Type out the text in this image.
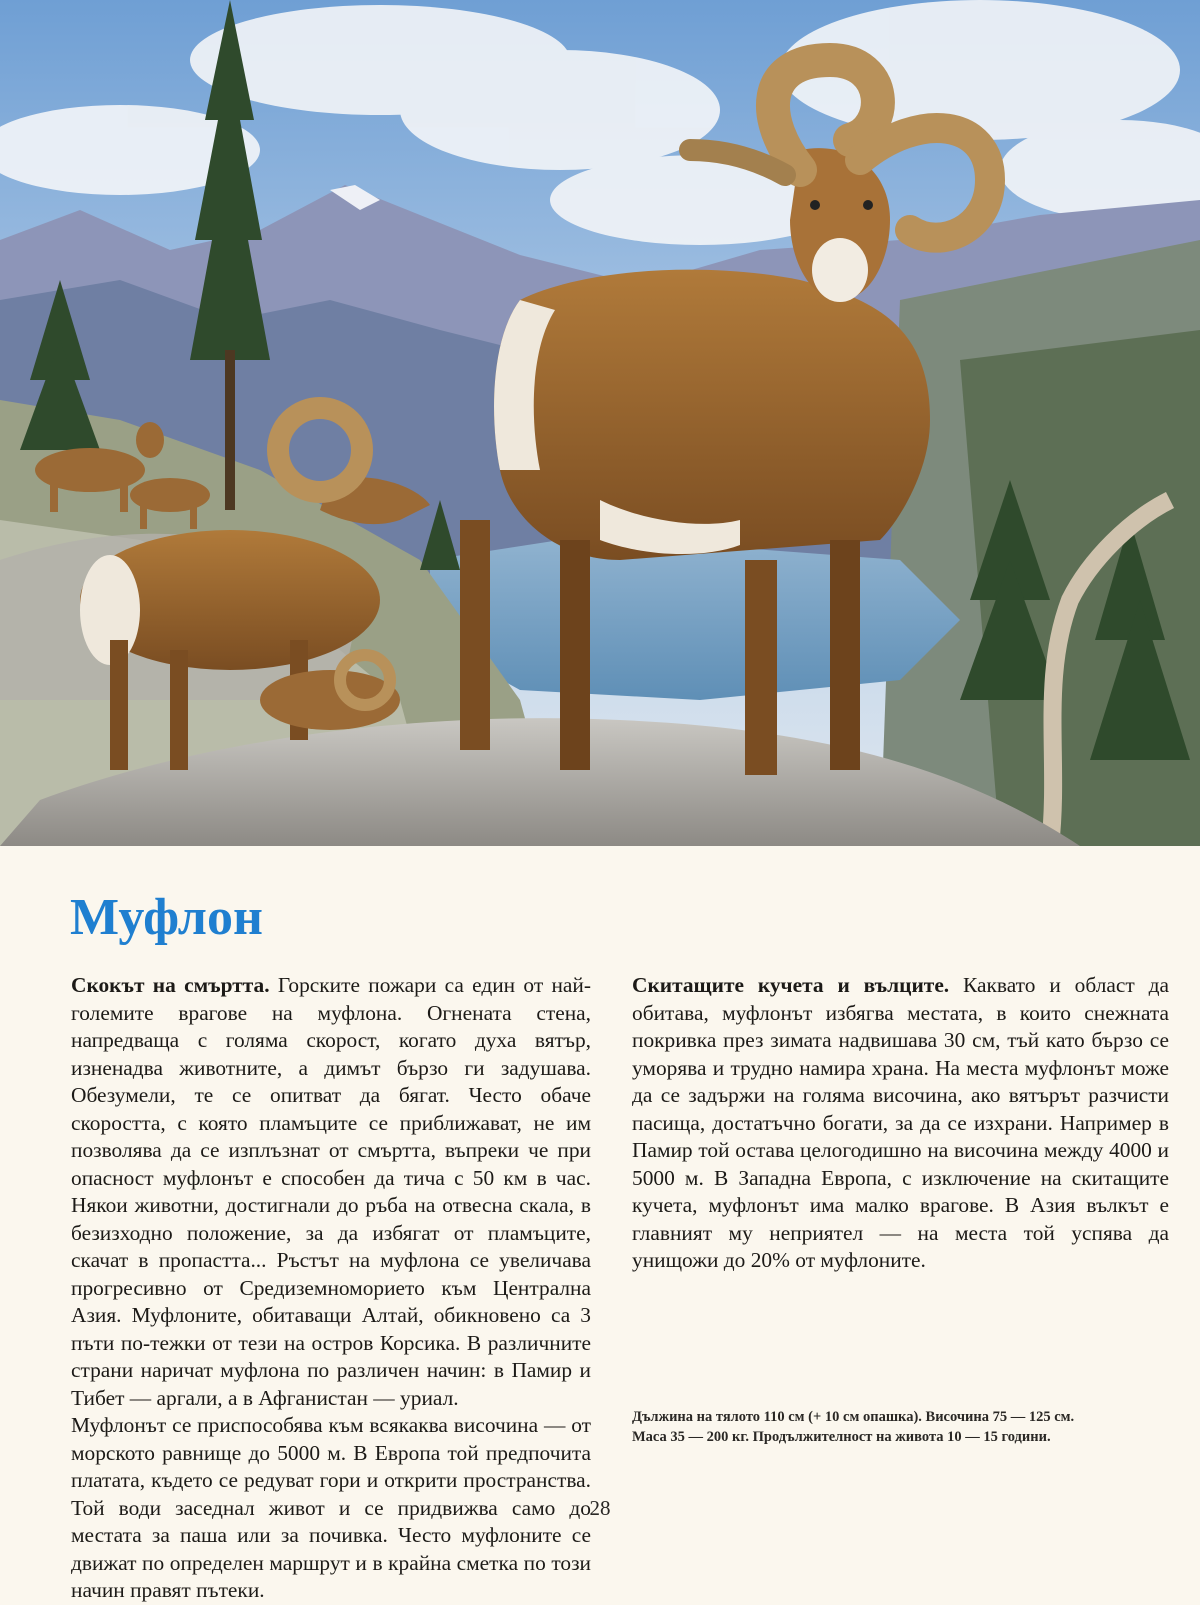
Муфлон

Скокът на смъртта. Горските пожари са един от най-големите врагове на муфлона. Огнената стена, напредваща с голяма скорост, когато духа вятър, изненадва животните, а димът бързо ги задушава. Обезумели, те се опитват да бягат. Често обаче скоростта, с която пламъците се приближават, не им позволява да се изплъзнат от смъртта, въпреки че при опасност муфлонът е способен да тича с 50 км в час. Някои животни, достигнали до ръба на отвесна скала, в безизходно положение, за да избягат от пламъците, скачат в пропастта... Ръстът на муфлона се увеличава прогресивно от Средиземноморието към Централна Азия. Муфлоните, обитаващи Алтай, обикновено са 3 пъти по-тежки от тези на остров Корсика. В различните страни наричат муфлона по различен начин: в Памир и Тибет — аргали, а в Афганистан — уриал.

Муфлонът се приспособява към всякаква височина — от морското равнище до 5000 м. В Европа той предпочита платата, където се редуват гори и открити пространства. Той води заседнал живот и се придвижва само до местата за паша или за почивка. Често муфлоните се движат по определен маршрут и в крайна сметка по този начин правят пътеки.

Скитащите кучета и вълците. Каквато и област да обитава, муфлонът избягва местата, в които снежната покривка през зимата надвишава 30 см, тъй като бързо се уморява и трудно намира храна. На места муфлонът може да се задържи на голяма височина, ако вятърът разчисти пасища, достатъчно богати, за да се изхрани. Например в Памир той остава целогодишно на височина между 4000 и 5000 м. В Западна Европа, с изключение на скитащите кучета, муфлонът има малко врагове. В Азия вълкът е главният му неприятел — на места той успява да унищожи до 20% от муфлоните.

Дължина на тялото 110 см (+ 10 см опашка). Височина 75 — 125 см.

Маса 35 — 200 кг. Продължителност на живота 10 — 15 години.

28
